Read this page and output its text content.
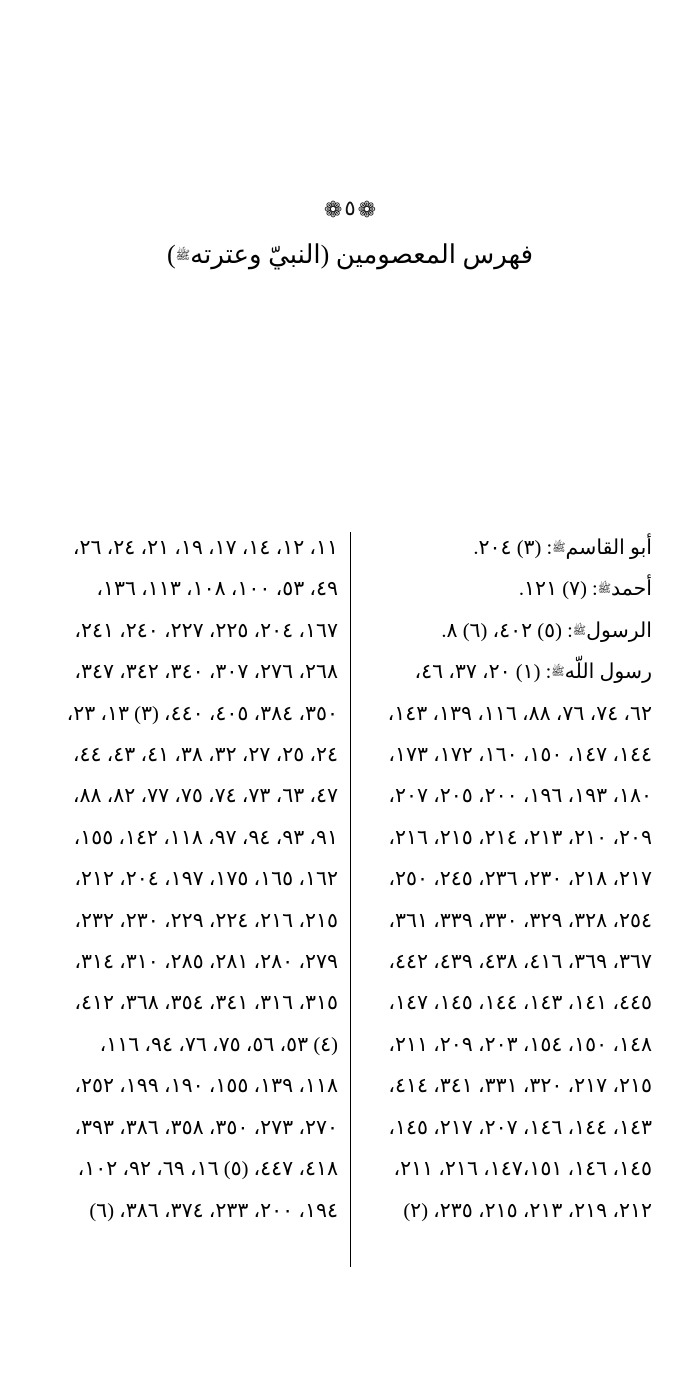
❁٥❁
فهرس المعصومين (النبيّ وعترتهﷺ)
أبو القاسمﷺ: (٣) ٢٠٤.
أحمدﷺ: (٧) ١٢١.
الرسولﷺ: (٥) ٤٠٢، (٦) ٨.
رسول اللّهﷺ: (١) ٢٠، ٣٧، ٤٦،
٦٢، ٧٤، ٧٦، ٨٨، ١١٦، ١٣٩، ١٤٣،
١٤٤، ١٤٧، ١٥٠، ١٦٠، ١٧٢، ١٧٣،
١٨٠، ١٩٣، ١٩٦، ٢٠٠، ٢٠٥، ٢٠٧،
٢٠٩، ٢١٠، ٢١٣، ٢١٤، ٢١٥، ٢١٦،
٢١٧، ٢١٨، ٢٣٠، ٢٣٦، ٢٤٥، ٢٥٠،
٢٥٤، ٣٢٨، ٣٢٩، ٣٣٠، ٣٣٩، ٣٦١،
٣٦٧، ٣٦٩، ٤١٦، ٤٣٨، ٤٣٩، ٤٤٢،
٤٤٥، ١٤١، ١٤٣، ١٤٤، ١٤٥، ١٤٧،
١٤٨، ١٥٠، ١٥٤، ٢٠٣، ٢٠٩، ٢١١،
٢١٥، ٢١٧، ٣٢٠، ٣٣١، ٣٤١، ٤١٤،
١٤٣، ١٤٤، ١٤٦، ٢٠٧، ٢١٧، ١٤٥،
١٤٥، ١٤٦، ١٤٧،١٥١، ٢١٦، ٢١١،
٢١٢، ٢١٩، ٢١٣، ٢١٥، ٢٣٥، (٢)
١١، ١٢، ١٤، ١٧، ١٩، ٢١، ٢٤، ٢٦،
٤٩، ٥٣، ١٠٠، ١٠٨، ١١٣، ١٣٦،
١٦٧، ٢٠٤، ٢٢٥، ٢٢٧، ٢٤٠، ٢٤١،
٢٦٨، ٢٧٦، ٣٠٧، ٣٤٠، ٣٤٢، ٣٤٧،
٣٥٠، ٣٨٤، ٤٠٥، ٤٤٠، (٣) ١٣، ٢٣،
٢٤، ٢٥، ٢٧، ٣٢، ٣٨، ٤١، ٤٣، ٤٤،
٤٧، ٦٣، ٧٣، ٧٤، ٧٥، ٧٧، ٨٢، ٨٨،
٩١، ٩٣، ٩٤، ٩٧، ١١٨، ١٤٢، ١٥٥،
١٦٢، ١٦٥، ١٧٥، ١٩٧، ٢٠٤، ٢١٢،
٢١٥، ٢١٦، ٢٢٤، ٢٢٩، ٢٣٠، ٢٣٢،
٢٧٩، ٢٨٠، ٢٨١، ٢٨٥، ٣١٠، ٣١٤،
٣١٥، ٣١٦، ٣٤١، ٣٥٤، ٣٦٨، ٤١٢،
(٤) ٥٣، ٥٦، ٧٥، ٧٦، ٩٤، ١١٦،
١١٨، ١٣٩، ١٥٥، ١٩٠، ١٩٩، ٢٥٢،
٢٧٠، ٢٧٣، ٣٥٠، ٣٥٨، ٣٨٦، ٣٩٣،
٤١٨، ٤٤٧، (٥) ١٦، ٦٩، ٩٢، ١٠٢،
١٩٤، ٢٠٠، ٢٣٣، ٣٧٤، ٣٨٦، (٦)
